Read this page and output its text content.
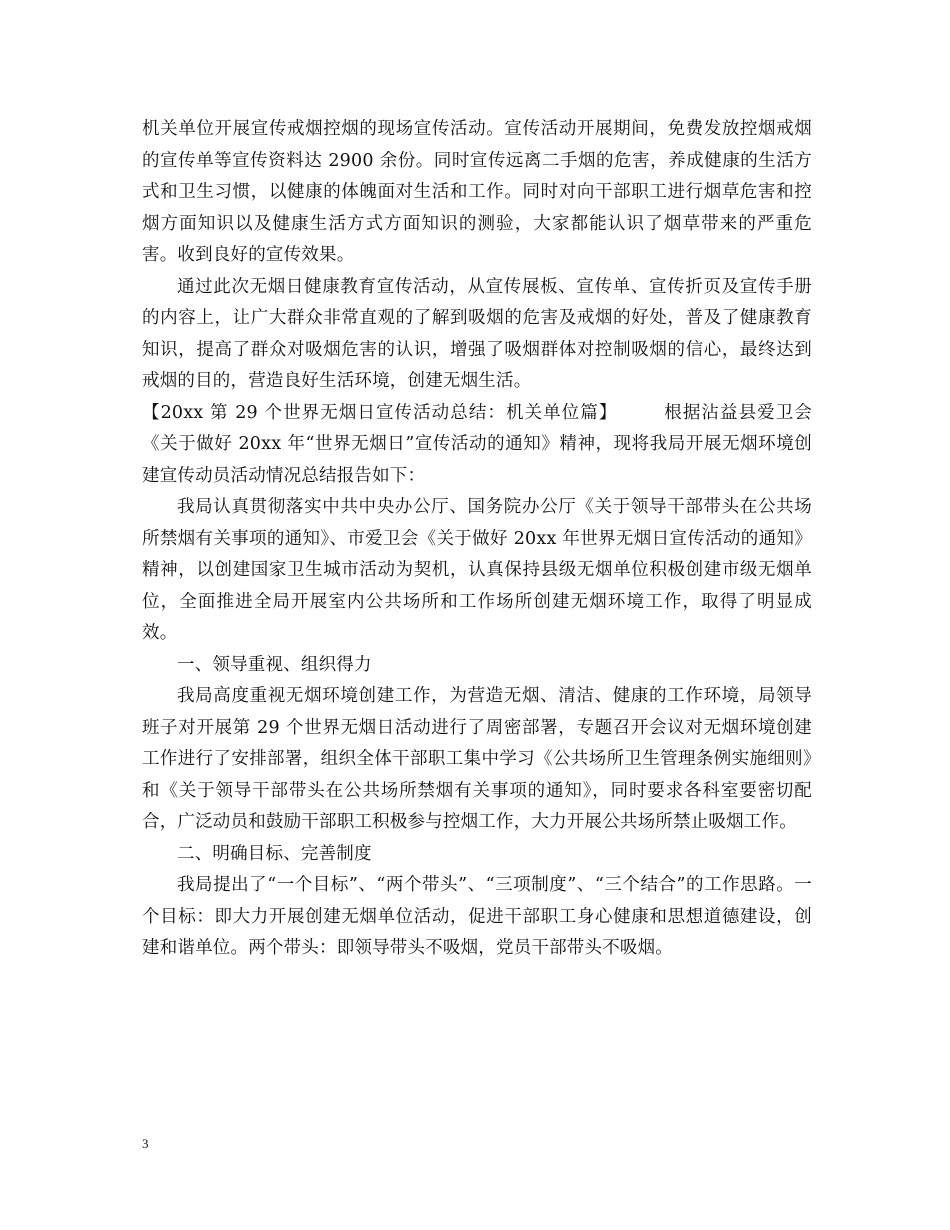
机关单位开展宣传戒烟控烟的现场宣传活动。宣传活动开展期间，免费发放控烟戒烟的宣传单等宣传资料达 2900 余份。同时宣传远离二手烟的危害，养成健康的生活方式和卫生习惯，以健康的体魄面对生活和工作。同时对向干部职工进行烟草危害和控烟方面知识以及健康生活方式方面知识的测验，大家都能认识了烟草带来的严重危害。收到良好的宣传效果。

通过此次无烟日健康教育宣传活动，从宣传展板、宣传单、宣传折页及宣传手册的内容上，让广大群众非常直观的了解到吸烟的危害及戒烟的好处，普及了健康教育知识，提高了群众对吸烟危害的认识，增强了吸烟群体对控制吸烟的信心，最终达到戒烟的目的，营造良好生活环境，创建无烟生活。

【20xx 第 29 个世界无烟日宣传活动总结：机关单位篇】	根据沾益县爱卫会《关于做好 20xx 年“世界无烟日”宣传活动的通知》精神，现将我局开展无烟环境创建宣传动员活动情况总结报告如下：

我局认真贯彻落实中共中央办公厅、国务院办公厅《关于领导干部带头在公共场所禁烟有关事项的通知》、市爱卫会《关于做好 20xx 年世界无烟日宣传活动的通知》精神，以创建国家卫生城市活动为契机，认真保持县级无烟单位积极创建市级无烟单位，全面推进全局开展室内公共场所和工作场所创建无烟环境工作，取得了明显成效。

一、领导重视、组织得力

我局高度重视无烟环境创建工作，为营造无烟、清洁、健康的工作环境，局领导班子对开展第 29 个世界无烟日活动进行了周密部署，专题召开会议对无烟环境创建工作进行了安排部署，组织全体干部职工集中学习《公共场所卫生管理条例实施细则》和《关于领导干部带头在公共场所禁烟有关事项的通知》，同时要求各科室要密切配合，广泛动员和鼓励干部职工积极参与控烟工作，大力开展公共场所禁止吸烟工作。

二、明确目标、完善制度

我局提出了“一个目标”、“两个带头”、“三项制度”、“三个结合”的工作思路。一个目标：即大力开展创建无烟单位活动，促进干部职工身心健康和思想道德建设，创建和谐单位。两个带头：即领导带头不吸烟，党员干部带头不吸烟。

3
